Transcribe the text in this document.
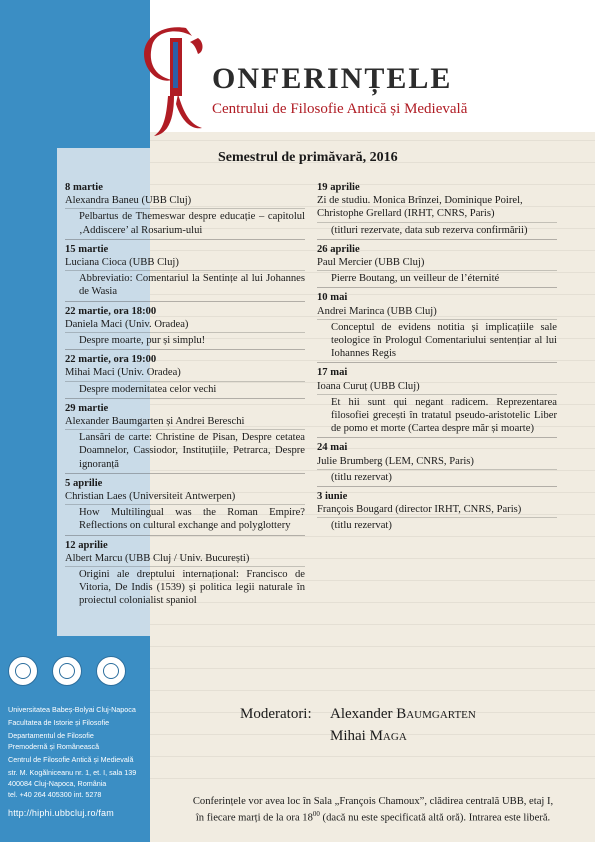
ONFERINȚELE
Centrului de Filosofie Antică și Medievală
Semestrul de primăvară, 2016
8 martie
Alexandra Baneu (UBB Cluj)
Pelbartus de Themeswar despre educație – capitolul ‚Addiscere’ al Rosarium-ului
15 martie
Luciana Cioca (UBB Cluj)
Abbreviatio: Comentariul la Sentințe al lui Johannes de Wasia
22 martie, ora 18:00
Daniela Maci (Univ. Oradea)
Despre moarte, pur și simplu!
22 martie, ora 19:00
Mihai Maci (Univ. Oradea)
Despre modernitatea celor vechi
29 martie
Alexander Baumgarten și Andrei Bereschi
Lansări de carte: Christine de Pisan, Despre cetatea Doamnelor, Cassiodor, Instituțiile, Petrarca, Despre ignoranță
5 aprilie
Christian Laes (Universiteit Antwerpen)
How Multilingual was the Roman Empire? Reflections on cultural exchange and polyglottery
12 aprilie
Albert Marcu (UBB Cluj / Univ. București)
Origini ale dreptului internațional: Francisco de Vitoria, De Indis (1539) și politica legii naturale în proiectul colonialist spaniol
19 aprilie
Zi de studiu. Monica Brînzei, Dominique Poirel, Christophe Grellard (IRHT, CNRS, Paris)
(titluri rezervate, data sub rezerva confirmării)
26 aprilie
Paul Mercier (UBB Cluj)
Pierre Boutang, un veilleur de l’éternité
10 mai
Andrei Marinca (UBB Cluj)
Conceptul de evidens notitia și implicațiile sale teologice în Prologul Comentariului sentențiar al lui Iohannes Regis
17 mai
Ioana Curuț (UBB Cluj)
Et hii sunt qui negant radicem. Reprezentarea filosofiei grecești în tratatul pseudo-aristotelic Liber de pomo et morte (Cartea despre măr și moarte)
24 mai
Julie Brumberg (LEM, CNRS, Paris)
(titlu rezervat)
3 iunie
François Bougard (director IRHT, CNRS, Paris)
(titlu rezervat)
Universitatea Babeș-Bolyai Cluj-Napoca
Facultatea de Istorie și Filosofie
Departamentul de Filosofie
Premodernă și Românească
Centrul de Filosofie Antică și Medievală
str. M. Kogălniceanu nr. 1, et. I, sala 139
400084 Cluj-Napoca, România
tel. +40 264 405300 int. 5278
http://hiphi.ubbcluj.ro/fam
Moderatori: Alexander Baumgarten
Mihai Maga
Conferințele vor avea loc în Sala „François Chamoux”, clădirea centrală UBB, etaj I,
în fiecare marți de la ora $18^{00}$ (dacă nu este specificată altă oră). Intrarea este liberă.
